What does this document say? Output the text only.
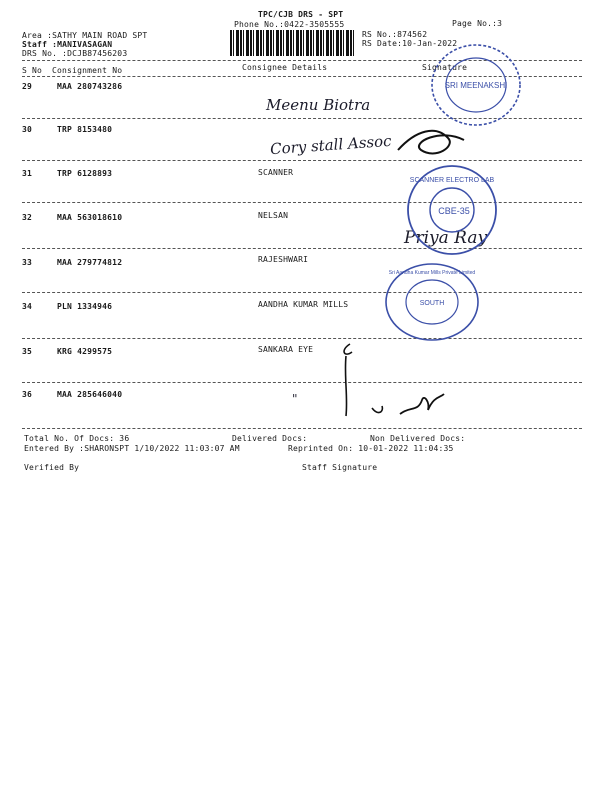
TPC/CJB DRS - SPT
Phone No.:0422-3505555	Page No.:3
Area :SATHY MAIN ROAD SPT
Staff :MANIVASAGAN
DRS No. :DCJB87456203
RS No.:874562
RS Date:10-Jan-2022
S No Consignment No	Consignee Details	Signature
29	MAA 280743286
30	TRP 8153480
31	TRP 6128893	SCANNER
32	MAA 563018610	NELSAN
33	MAA 279774812	RAJESHWARI
34	PLN 1334946	AANDHA KUMAR MILLS
35	KRG 4299575	SANKARA EYE
36	MAA 285646040
Meenu Biotra
Cory stall Assoc
Priya Ray
"
SRI MEENAKSHI
SCANNER ELECTRO LAB
CBE-35
Sri Aandha Kumar Mills Private Limited
SOUTH
Total No. Of Docs: 36	Delivered Docs:	Non Delivered Docs:
Entered By :SHARONSPT 1/10/2022 11:03:07 AM	Reprinted On: 10-01-2022 11:04:35
Verified By	Staff Signature
